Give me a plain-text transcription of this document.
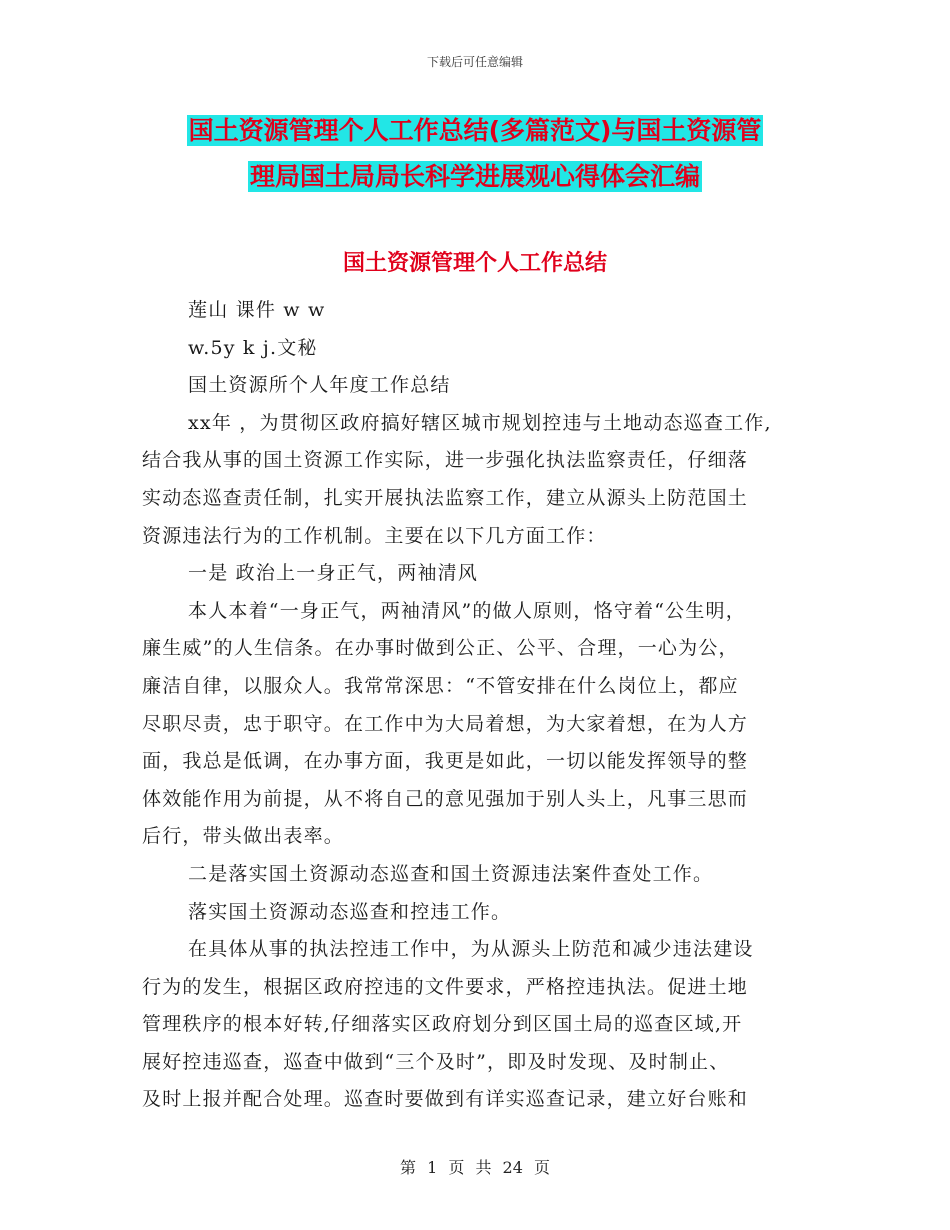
下载后可任意编辑
国土资源管理个人工作总结(多篇范文)与国土资源管
理局国土局局长科学进展观心得体会汇编
国土资源管理个人工作总结
莲山 课件 w w
w.5y k j.文秘
国土资源所个人年度工作总结
xx年 ，为贯彻区政府搞好辖区城市规划控违与土地动态巡查工作,
结合我从事的国土资源工作实际，进一步强化执法监察责任，仔细落
实动态巡查责任制，扎实开展执法监察工作，建立从源头上防范国土
资源违法行为的工作机制。主要在以下几方面工作：
一是 政治上一身正气，两袖清风
本人本着“一身正气，两袖清风”的做人原则，恪守着“公生明，
廉生威”的人生信条。在办事时做到公正、公平、合理，一心为公，
廉洁自律，以服众人。我常常深思：“不管安排在什么岗位上，都应
尽职尽责，忠于职守。在工作中为大局着想，为大家着想，在为人方
面，我总是低调，在办事方面，我更是如此，一切以能发挥领导的整
体效能作用为前提，从不将自己的意见强加于别人头上，凡事三思而
后行，带头做出表率。
二是落实国土资源动态巡查和国土资源违法案件查处工作。
落实国土资源动态巡查和控违工作。
在具体从事的执法控违工作中，为从源头上防范和减少违法建设
行为的发生，根据区政府控违的文件要求，严格控违执法。促进土地
管理秩序的根本好转,仔细落实区政府划分到区国土局的巡查区域,开
展好控违巡查，巡查中做到“三个及时”，即及时发现、及时制止、
及时上报并配合处理。巡查时要做到有详实巡查记录，建立好台账和
第 1 页 共 24 页
